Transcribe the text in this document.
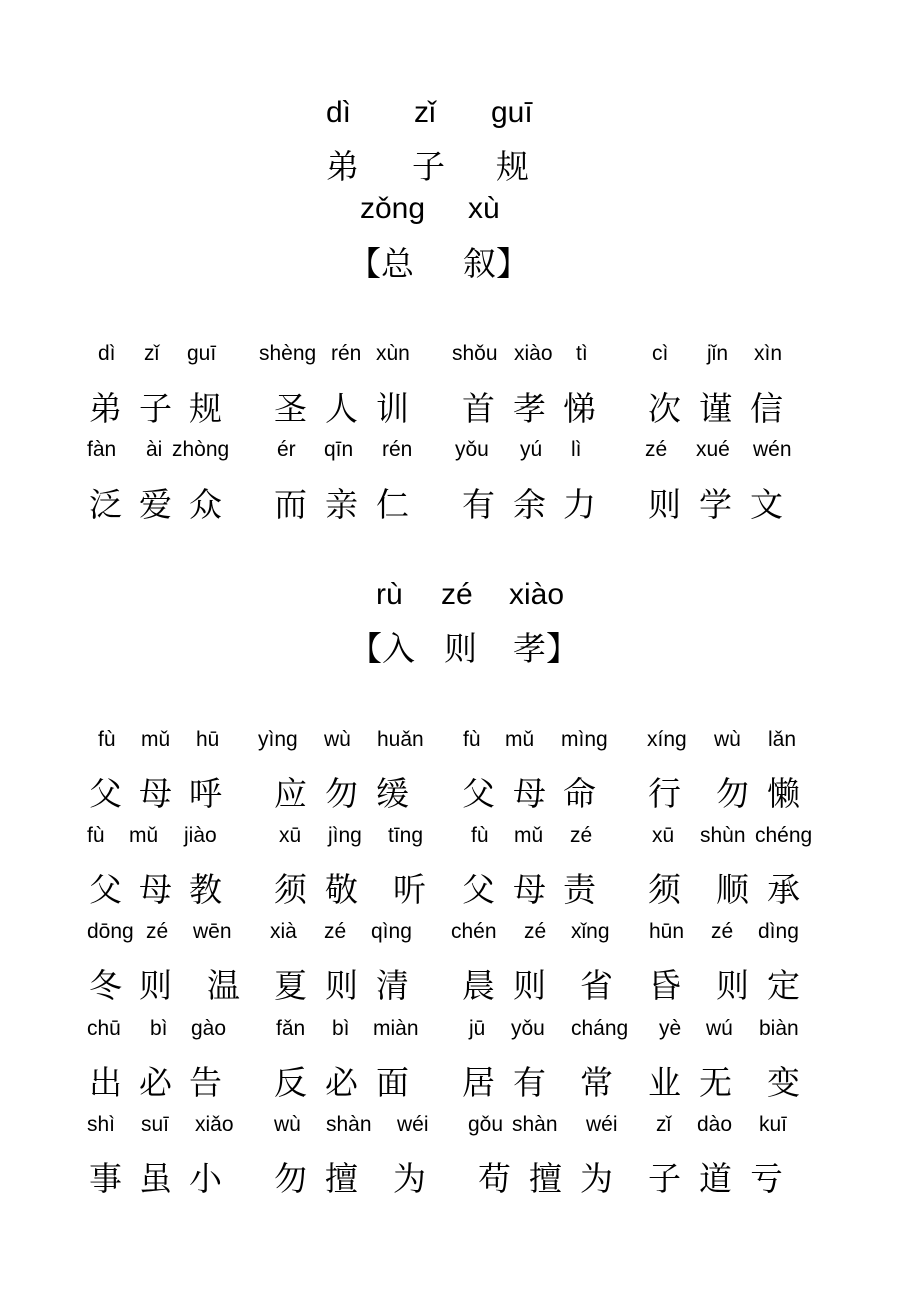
dì zǐ guī
弟 子 规
zǒng xù
【总 叙】
dì zǐ guī shèng rén xùn shǒu xiào tì	cì jǐn xìn
弟 子 规 圣 人 训 首 孝 悌 次 谨 信
fàn ài zhòng ér qīn rén yǒu yú lì	zé xué wén
泛 爱 众 而 亲 仁 有 余 力 则 学 文
rù zé xiào
【入 则 孝】
fù mǔ hū yìng wù huǎn fù mǔ mìng xíng wù lǎn
父 母 呼 应 勿 缓 父 母 命 行 勿 懒
fù mǔ jiào	xū jìng tīng fù mǔ zé	xū shùn chéng
父 母 教 须 敬 听 父 母 责 须 顺 承
dōng zé wēn xià zé qìng chén zé xǐng hūn zé dìng
冬 则 温 夏 则 清 晨 则 省 昏 则 定
chū bì gào fǎn bì miàn jū yǒu cháng yè wú biàn
出 必 告 反 必 面 居 有 常 业 无 变
shì suī xiǎo wù shàn wéi gǒu shàn wéi zǐ dào kuī
事 虽 小 勿 擅 为 苟 擅 为 子 道 亏
